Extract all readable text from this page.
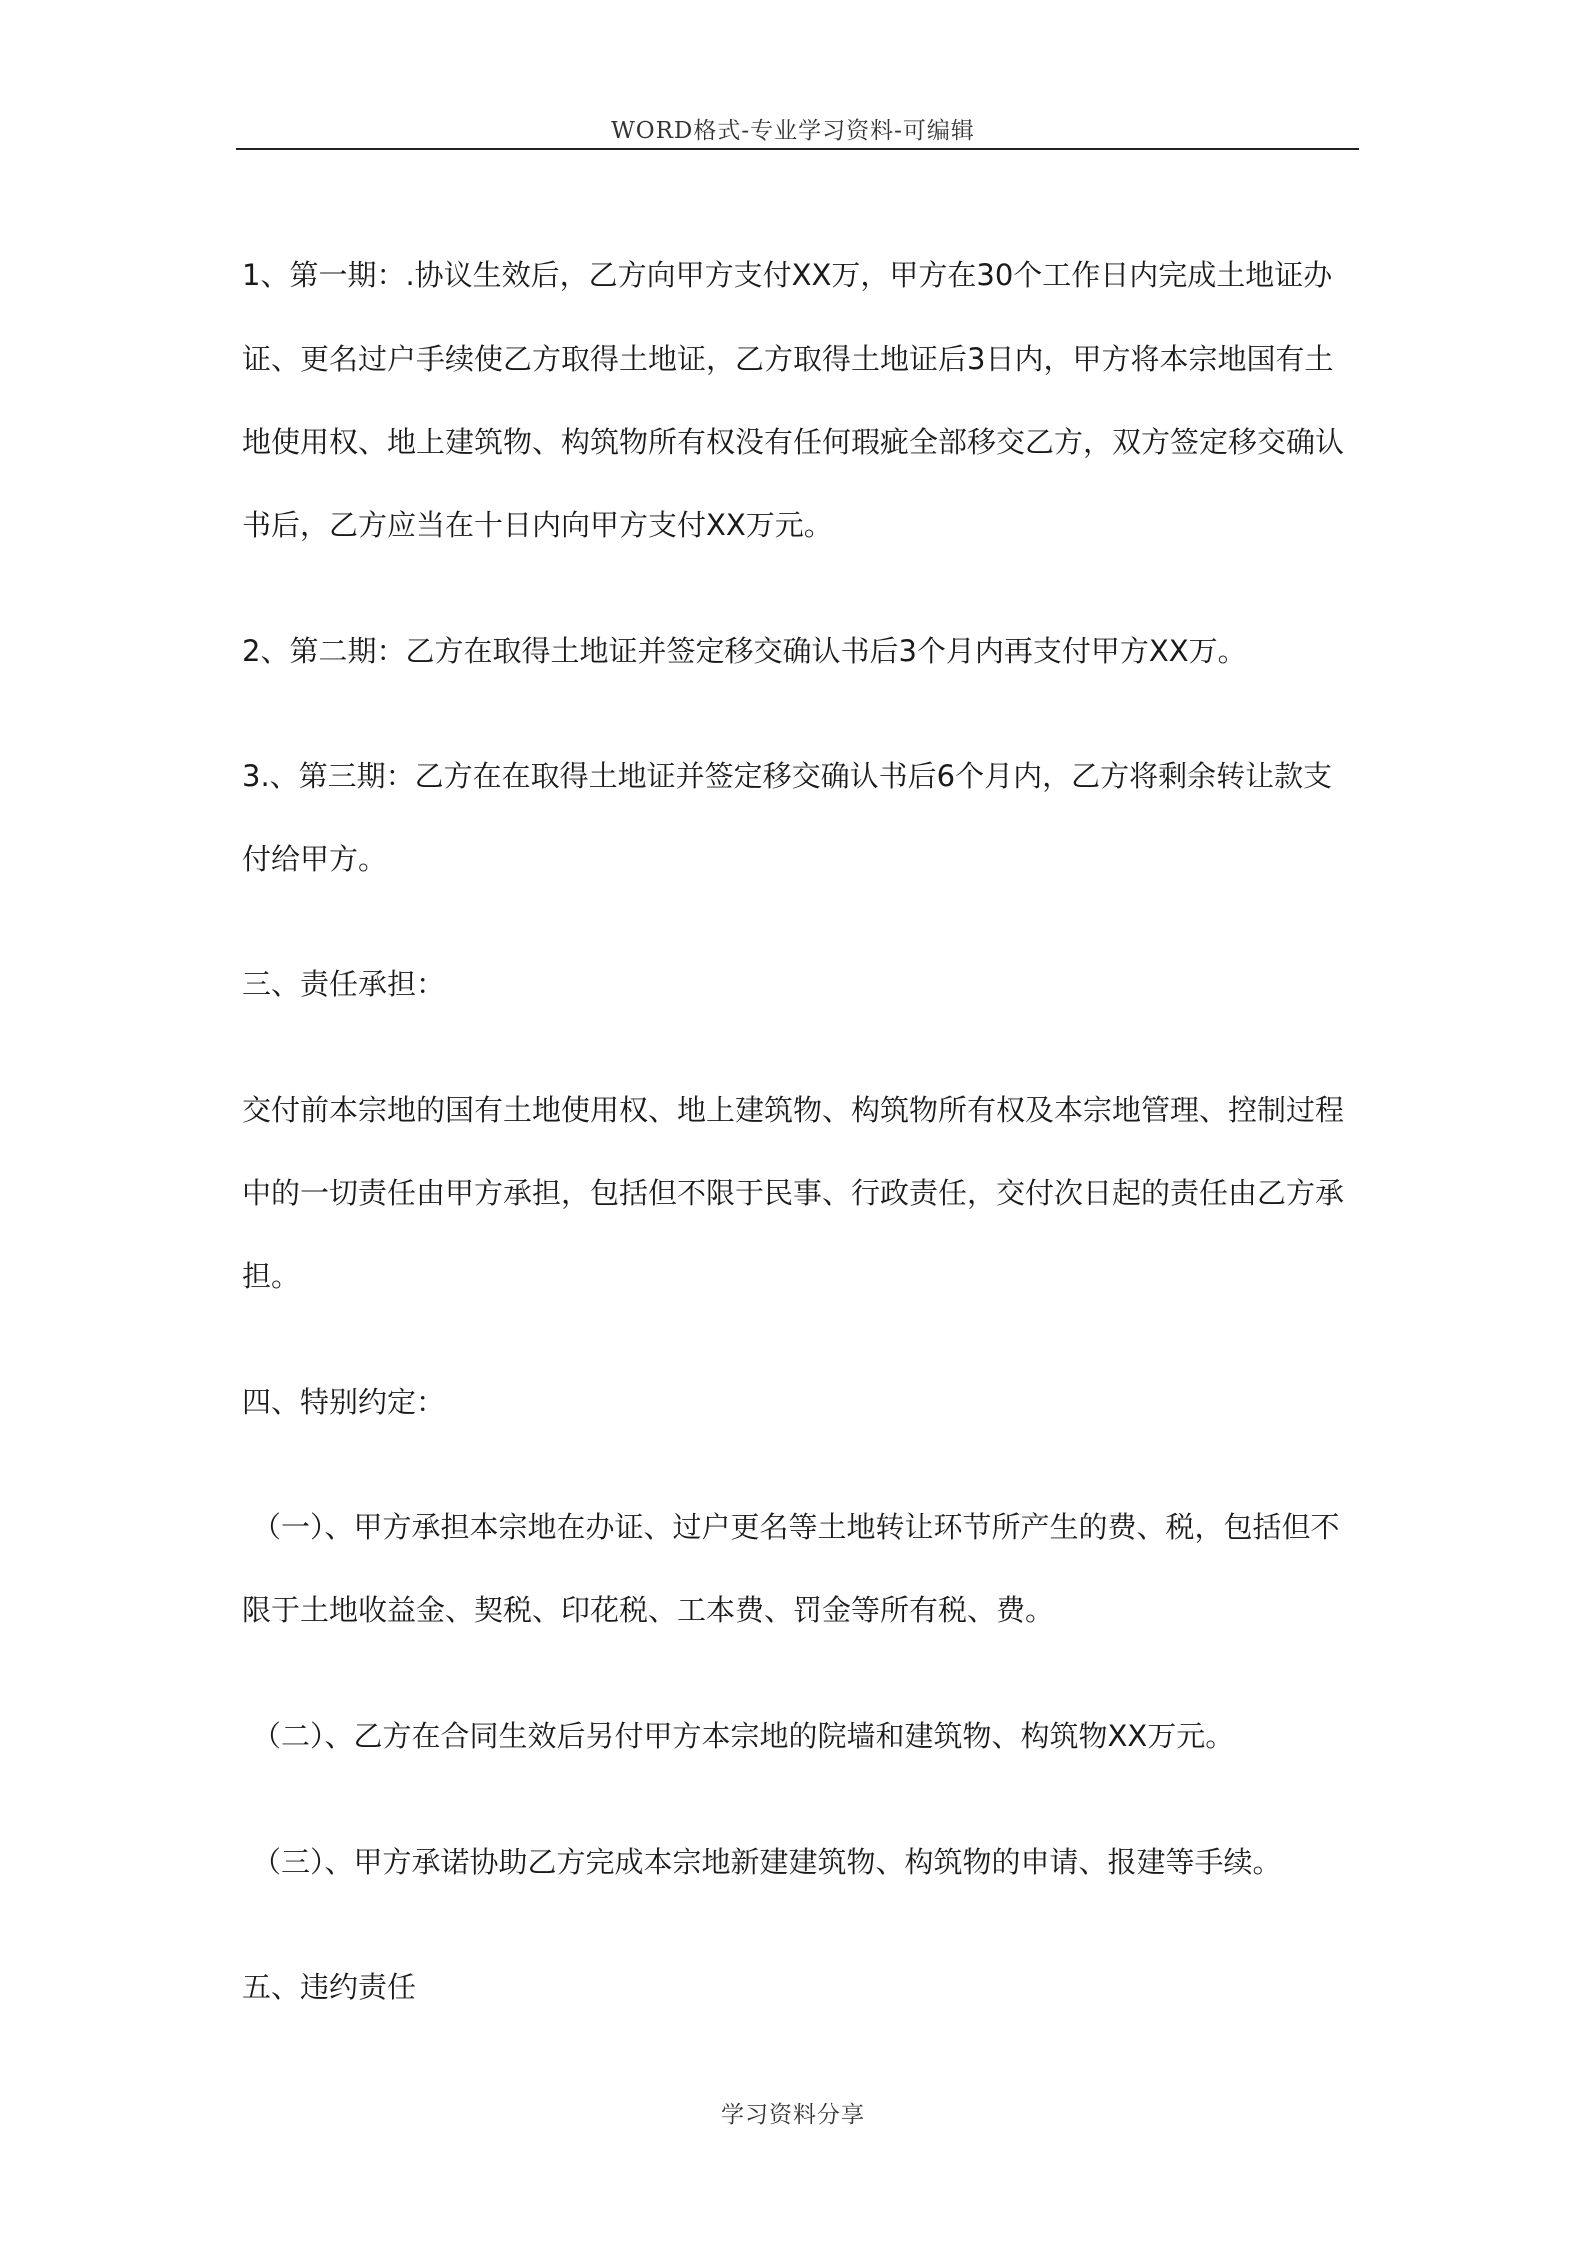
WORD格式-专业学习资料-可编辑
1、第一期：.协议生效后，乙方向甲方支付XX万，甲方在30个工作日内完成土地证办
证、更名过户手续使乙方取得土地证，乙方取得土地证后3日内，甲方将本宗地国有土
地使用权、地上建筑物、构筑物所有权没有任何瑕疵全部移交乙方，双方签定移交确认
书后，乙方应当在十日内向甲方支付XX万元。
2、第二期：乙方在取得土地证并签定移交确认书后3个月内再支付甲方XX万。
3.、第三期：乙方在在取得土地证并签定移交确认书后6个月内，乙方将剩余转让款支
付给甲方。
三、责任承担：
交付前本宗地的国有土地使用权、地上建筑物、构筑物所有权及本宗地管理、控制过程
中的一切责任由甲方承担，包括但不限于民事、行政责任，交付次日起的责任由乙方承
担。
四、特别约定：
（一）、甲方承担本宗地在办证、过户更名等土地转让环节所产生的费、税，包括但不
限于土地收益金、契税、印花税、工本费、罚金等所有税、费。
（二）、乙方在合同生效后另付甲方本宗地的院墙和建筑物、构筑物XX万元。
（三）、甲方承诺协助乙方完成本宗地新建建筑物、构筑物的申请、报建等手续。
五、违约责任
学习资料分享
